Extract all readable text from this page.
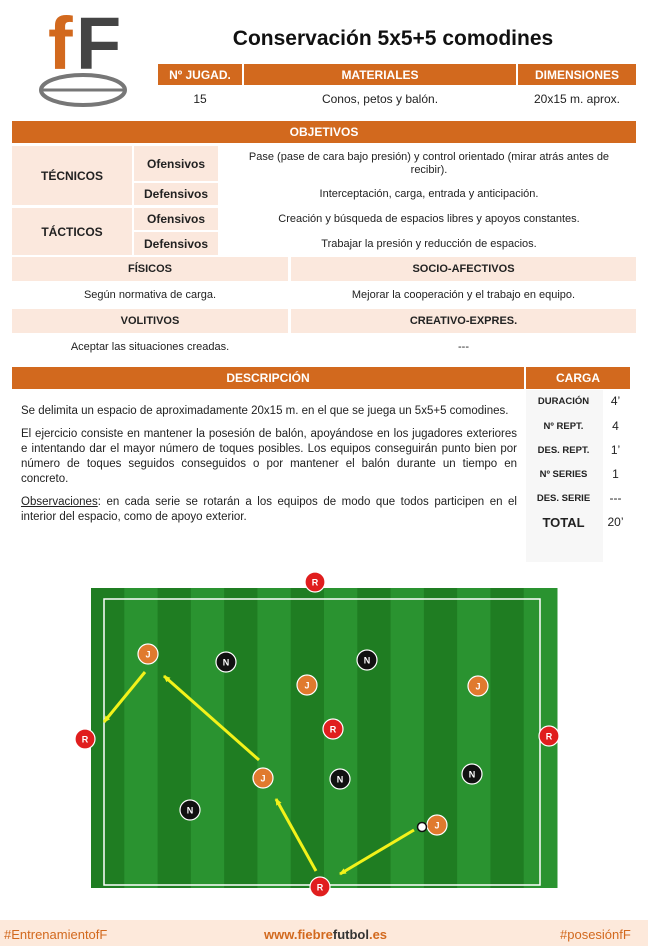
f F	Conservación 5x5+5 comodines
Nº JUGAD.	MATERIALES	DIMENSIONES
15	Conos, petos y balón.	20x15 m. aprox.
OBJETIVOS
TÉCNICOS
Ofensivos	Pase (pase de cara bajo presión) y control orientado (mirar atrás antes de recibir).
Defensivos	Interceptación, carga, entrada y anticipación.
TÁCTICOS
Ofensivos	Creación y búsqueda de espacios libres y apoyos constantes.
Defensivos	Trabajar la presión y reducción de espacios.
FÍSICOS	SOCIO-AFECTIVOS
Según normativa de carga.	Mejorar la cooperación y el trabajo en equipo.
VOLITIVOS	CREATIVO-EXPRES.
Aceptar las situaciones creadas.	---
DESCRIPCIÓN

Se delimita un espacio de aproximadamente 20x15 m. en el que se juega un 5x5+5 comodines.

El ejercicio consiste en mantener la posesión de balón, apoyándose en los jugadores exteriores e intentando dar el mayor número de toques posibles. Los equipos conseguirán punto bien por número de toques seguidos conseguidos o por mantener el balón durante un tiempo en concreto.

Observaciones: en cada serie se rotarán a los equipos de modo que todos participen en el interior del espacio, como de apoyo exterior.

CARGA
DURACIÓN	4’
Nº REPT.	4
DES. REPT.	1’
Nº SERIES	1
DES. SERIE	---
TOTAL	20’
J
J	J
J
J
N	N
N	N
N
R
R	R
R
R
#EntrenamientofF	www.fiebrefutbol.es	#posesiónfF
